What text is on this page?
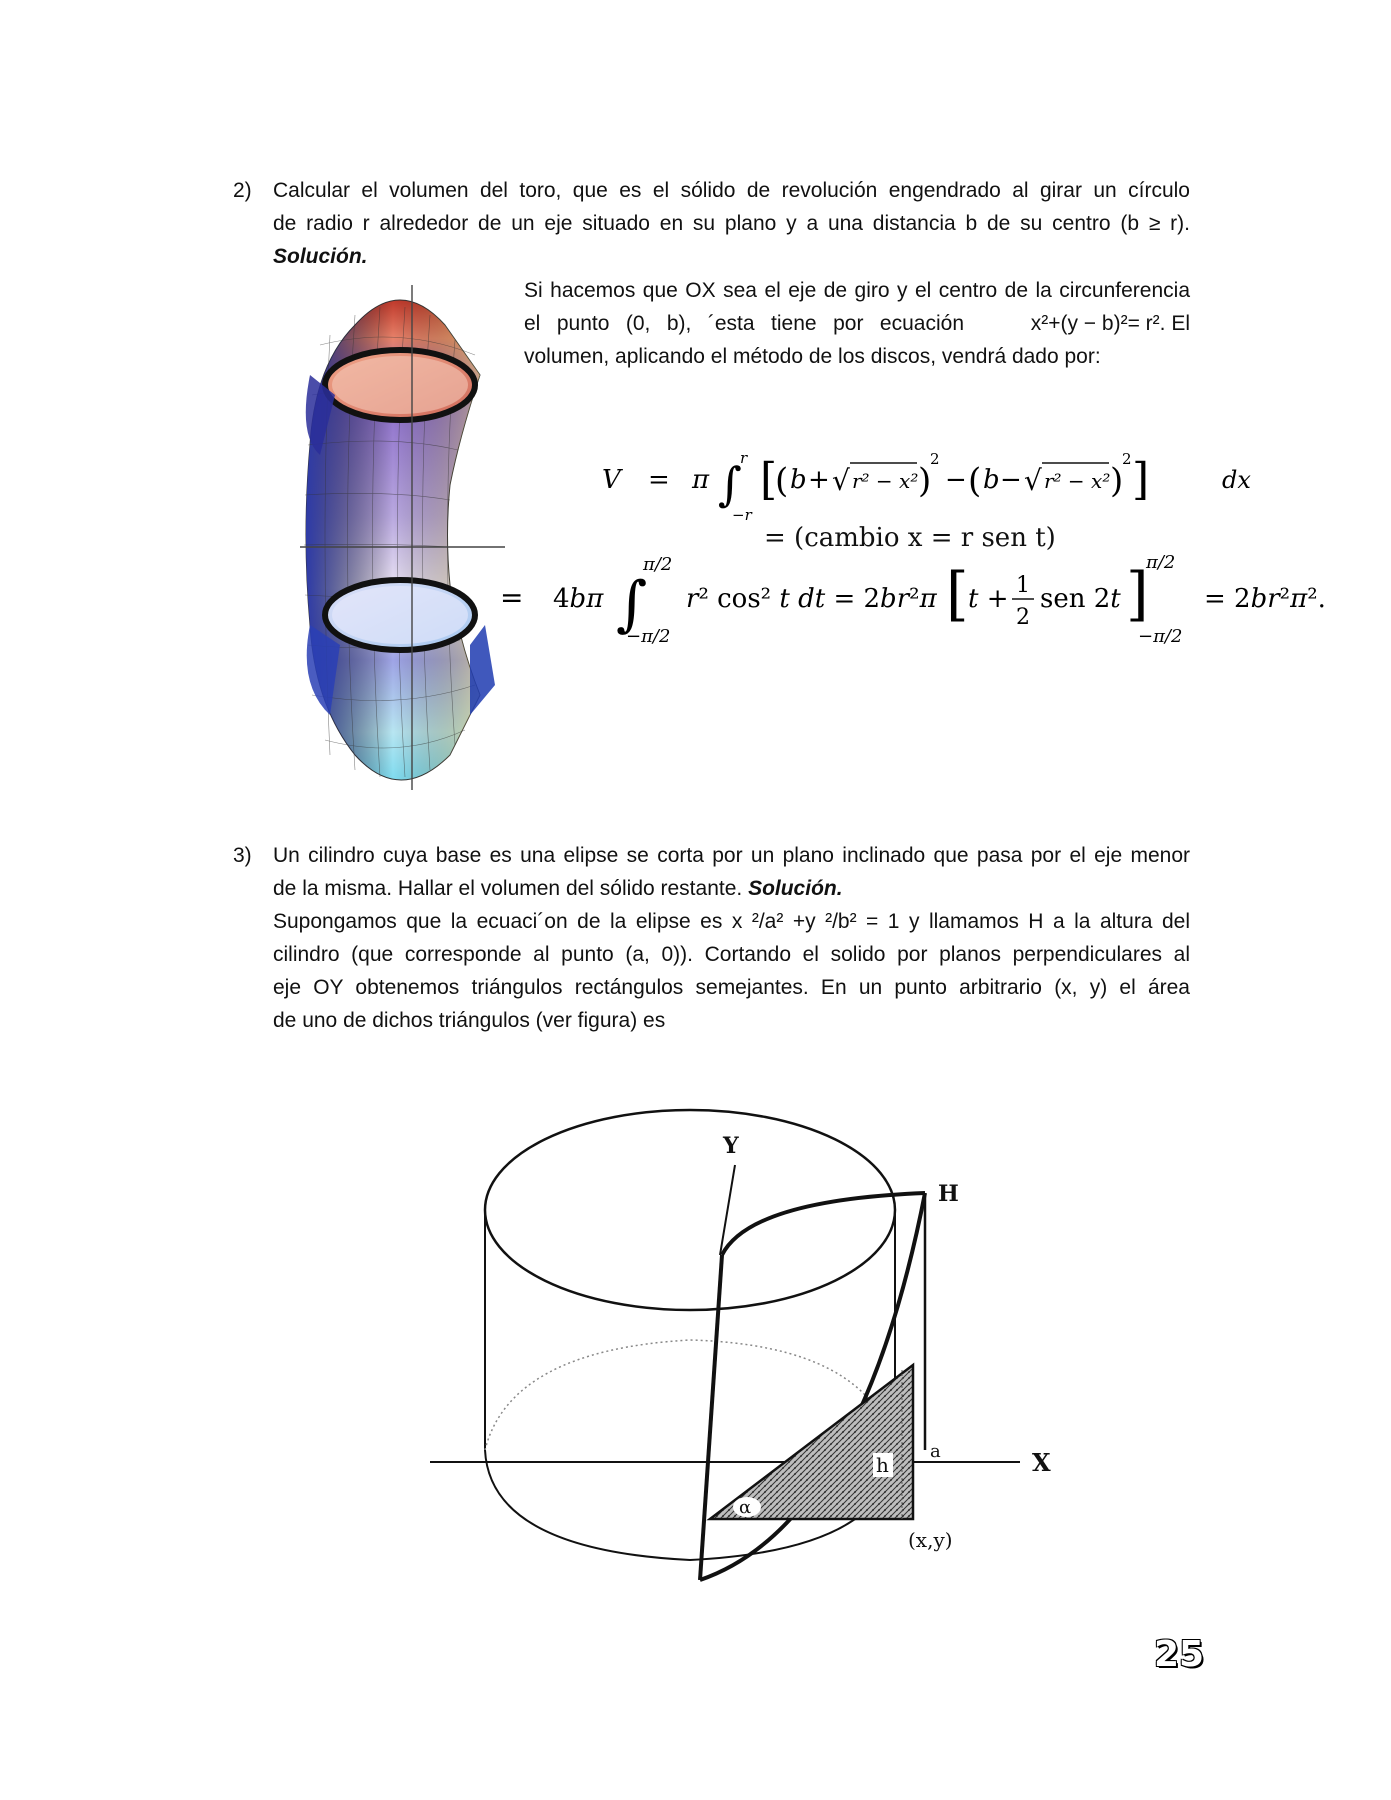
2) Calcular el volumen del toro, que es el sólido de revolución engendrado al girar un círculo
de radio r alrededor de un eje situado en su plano y a una distancia b de su centro (b ≥ r).
Solución.
Si hacemos que OX sea el eje de giro y el centro de la circunferencia
el punto (0, b), ´esta tiene por ecuación	x²+(y − b)²= r². El
volumen, aplicando el método de los discos, vendrá dado por:
V = π ∫
r
−r
[
( b + √ r² − x² )
2
− ( b − √ r² − x² )
2 ]	dx
= (cambio x = r sen t)
= 4bπ ∫
π/2
−π/2
r² cos² t dt = 2br²π [ t + 1
2
sen 2t ]
π/2
−π/2
= 2br²π².
3) Un cilindro cuya base es una elipse se corta por un plano inclinado que pasa por el eje menor
de la misma. Hallar el volumen del sólido restante. Solución.
Supongamos que la ecuaci´on de la elipse es x ²/a² +y ²/b² = 1 y llamamos H a la altura del
cilindro (que corresponde al punto (a, 0)). Cortando el solido por planos perpendiculares al
eje OY obtenemos triángulos rectángulos semejantes. En un punto arbitrario (x, y) el área
de uno de dichos triángulos (ver figura) es
Y
H
X
h
a
α
(x,y)
25
